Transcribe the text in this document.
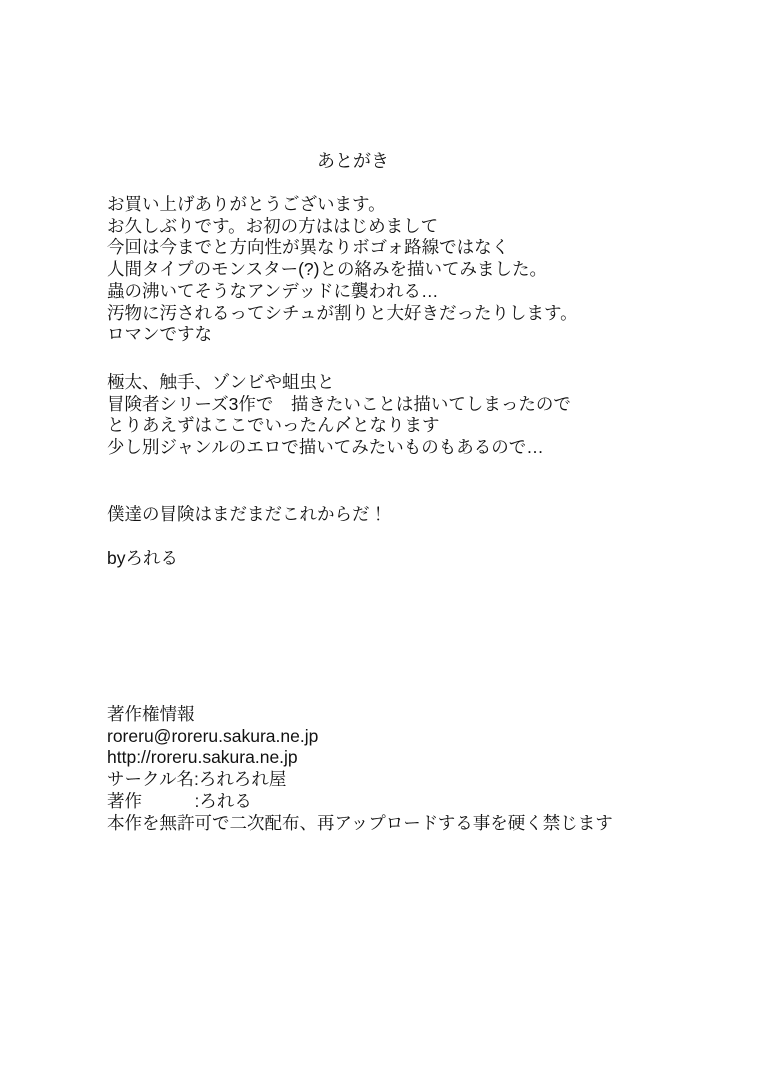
あとがき
お買い上げありがとうございます。
お久しぶりです。お初の方ははじめまして
今回は今までと方向性が異なりボゴォ路線ではなく
人間タイプのモンスター(?)との絡みを描いてみました。
蟲の沸いてそうなアンデッドに襲われる…
汚物に汚されるってシチュが割りと大好きだったりします。
ロマンですな
極太、触手、ゾンビや蛆虫と
冒険者シリーズ3作で　描きたいことは描いてしまったので
とりあえずはここでいったん〆となります
少し別ジャンルのエロで描いてみたいものもあるので…
僕達の冒険はまだまだこれからだ！
byろれる
著作権情報
roreru@roreru.sakura.ne.jp
http://roreru.sakura.ne.jp
サークル名:ろれろれ屋
著作　　　:ろれる
本作を無許可で二次配布、再アップロードする事を硬く禁じます
